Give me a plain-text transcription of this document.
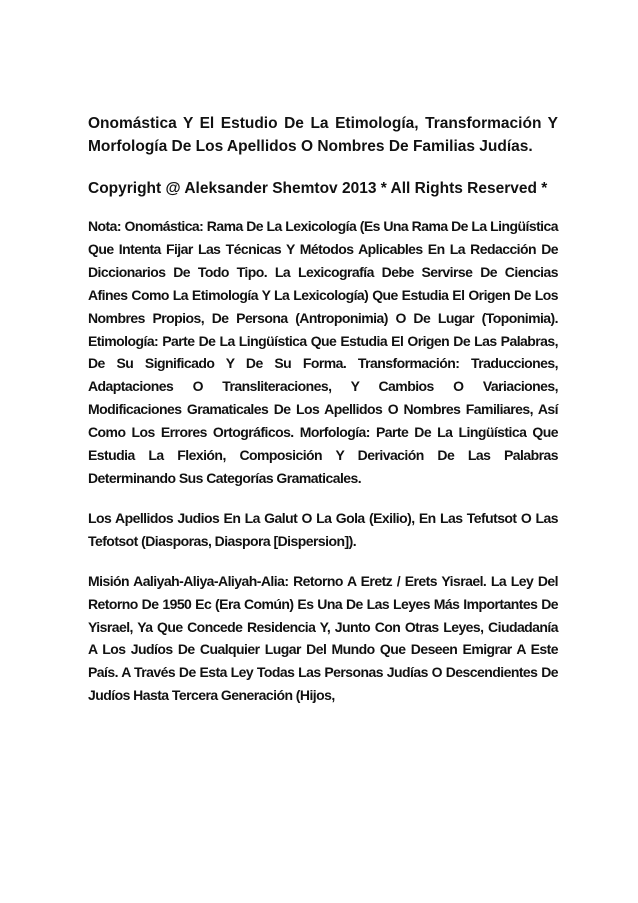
Onomástica Y El Estudio De La Etimología, Transformación Y Morfología De Los Apellidos O Nombres De Familias Judías.

Copyright @ Aleksander Shemtov 2013 * All Rights Reserved *

Nota: Onomástica: Rama De La Lexicología (Es Una Rama De La Lingüística Que Intenta Fijar Las Técnicas Y Métodos Aplicables En La Redacción De Diccionarios De Todo Tipo. La Lexicografía Debe Servirse De Ciencias Afines Como La Etimología Y La Lexicología) Que Estudia El Origen De Los Nombres Propios, De Persona (Antroponimia) O De Lugar (Toponimia). Etimología: Parte De La Lingüística Que Estudia El Origen De Las Palabras, De Su Significado Y De Su Forma. Transformación: Traducciones, Adaptaciones O Transliteraciones, Y Cambios O Variaciones, Modificaciones Gramaticales De Los Apellidos O Nombres Familiares, Así Como Los Errores Ortográficos. Morfología: Parte De La Lingüística Que Estudia La Flexión, Composición Y Derivación De Las Palabras Determinando Sus Categorías Gramaticales.

Los Apellidos Judios En La Galut O La Gola (Exilio), En Las Tefutsot O Las Tefotsot (Diasporas, Diaspora [Dispersion]).

Misión Aaliyah-Aliya-Aliyah-Alia: Retorno A Eretz / Erets Yisrael. La Ley Del Retorno De 1950 Ec (Era Común) Es Una De Las Leyes Más Importantes De Yisrael, Ya Que Concede Residencia Y, Junto Con Otras Leyes, Ciudadanía A Los Judíos De Cualquier Lugar Del Mundo Que Deseen Emigrar A Este País. A Través De Esta Ley Todas Las Personas Judías O Descendientes De Judíos Hasta Tercera Generación (Hijos,
